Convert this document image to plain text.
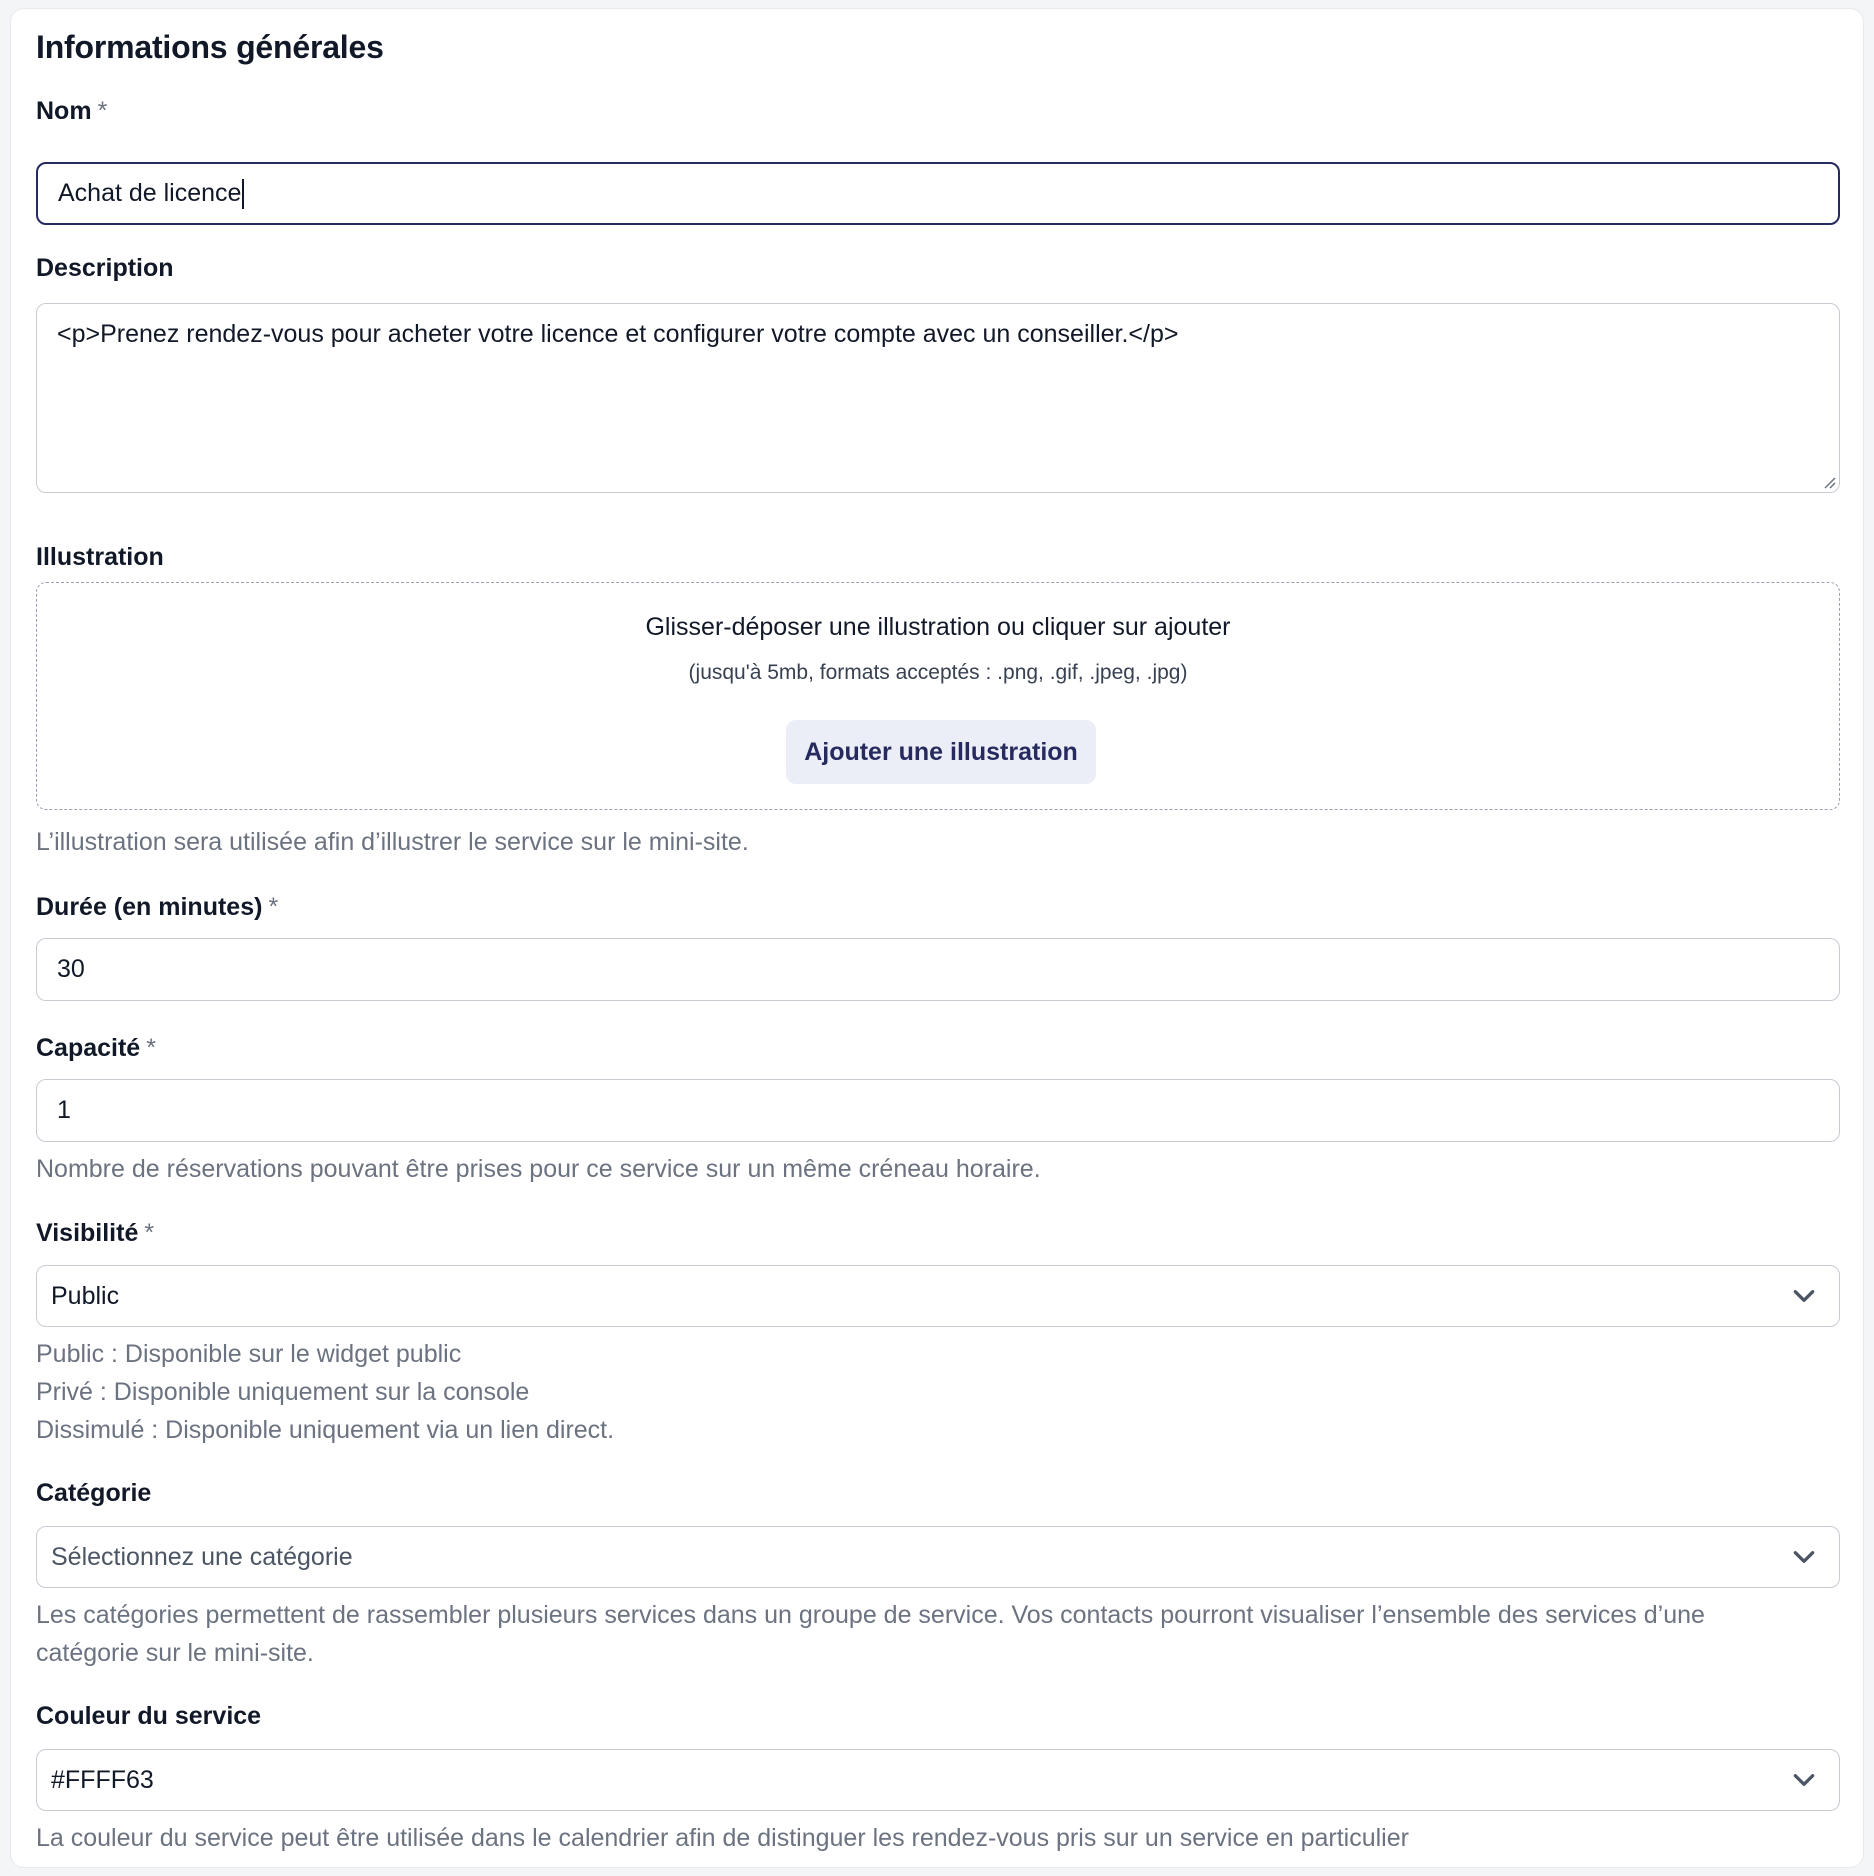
Informations générales
Nom *
Achat de licence
Description
<p>Prenez rendez-vous pour acheter votre licence et configurer votre compte avec un conseiller.</p>
Illustration
Glisser-déposer une illustration ou cliquer sur ajouter
(jusqu'à 5mb, formats acceptés : .png, .gif, .jpeg, .jpg)
Ajouter une illustration
L’illustration sera utilisée afin d’illustrer le service sur le mini-site.
Durée (en minutes) *
30
Capacité *
1
Nombre de réservations pouvant être prises pour ce service sur un même créneau horaire.
Visibilité *
Public
Public : Disponible sur le widget public
Privé : Disponible uniquement sur la console
Dissimulé : Disponible uniquement via un lien direct.
Catégorie
Sélectionnez une catégorie
Les catégories permettent de rassembler plusieurs services dans un groupe de service. Vos contacts pourront visualiser l’ensemble des services d’une catégorie sur le mini-site.
Couleur du service
#FFFF63
La couleur du service peut être utilisée dans le calendrier afin de distinguer les rendez-vous pris sur un service en particulier
